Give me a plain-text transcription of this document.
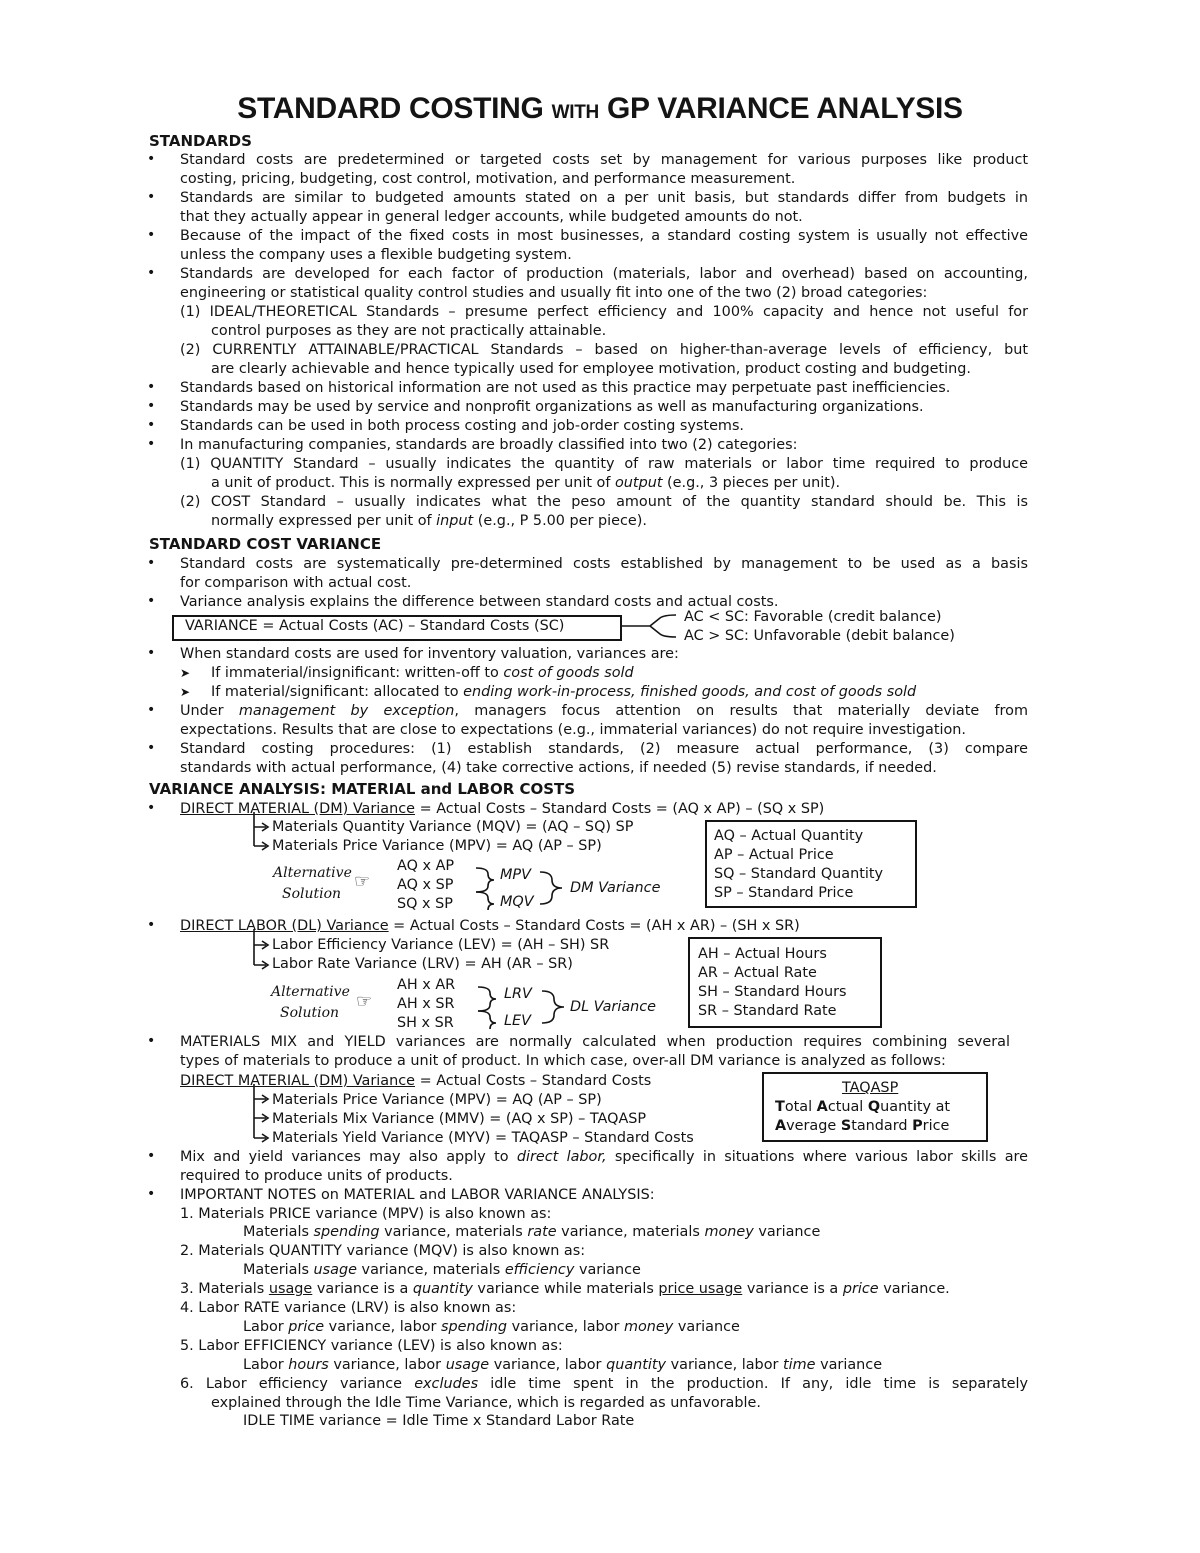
STANDARD COSTING WITH GP VARIANCE ANALYSIS
STANDARDS
• Standard costs are predetermined or targeted costs set by management for various purposes like product
costing, pricing, budgeting, cost control, motivation, and performance measurement.
• Standards are similar to budgeted amounts stated on a per unit basis, but standards differ from budgets in
that they actually appear in general ledger accounts, while budgeted amounts do not.
• Because of the impact of the fixed costs in most businesses, a standard costing system is usually not effective
unless the company uses a flexible budgeting system.
• Standards are developed for each factor of production (materials, labor and overhead) based on accounting,
engineering or statistical quality control studies and usually fit into one of the two (2) broad categories:
(1) IDEAL/THEORETICAL Standards – presume perfect efficiency and 100% capacity and hence not useful for
control purposes as they are not practically attainable.
(2) CURRENTLY ATTAINABLE/PRACTICAL Standards – based on higher-than-average levels of efficiency, but
are clearly achievable and hence typically used for employee motivation, product costing and budgeting.
• Standards based on historical information are not used as this practice may perpetuate past inefficiencies.
• Standards may be used by service and nonprofit organizations as well as manufacturing organizations.
• Standards can be used in both process costing and job-order costing systems.
• In manufacturing companies, standards are broadly classified into two (2) categories:
(1) QUANTITY Standard – usually indicates the quantity of raw materials or labor time required to produce
a unit of product. This is normally expressed per unit of output (e.g., 3 pieces per unit).
(2) COST Standard – usually indicates what the peso amount of the quantity standard should be. This is
normally expressed per unit of input (e.g., P 5.00 per piece).
STANDARD COST VARIANCE
• Standard costs are systematically pre-determined costs established by management to be used as a basis
for comparison with actual cost.
• Variance analysis explains the difference between standard costs and actual costs.
VARIANCE = Actual Costs (AC) – Standard Costs (SC)
AC < SC: Favorable (credit balance)
AC > SC: Unfavorable (debit balance)
• When standard costs are used for inventory valuation, variances are:
➤ If immaterial/insignificant: written-off to cost of goods sold
➤ If material/significant: allocated to ending work-in-process, finished goods, and cost of goods sold
• Under management by exception, managers focus attention on results that materially deviate from
expectations. Results that are close to expectations (e.g., immaterial variances) do not require investigation.
• Standard costing procedures: (1) establish standards, (2) measure actual performance, (3) compare
standards with actual performance, (4) take corrective actions, if needed (5) revise standards, if needed.
VARIANCE ANALYSIS: MATERIAL and LABOR COSTS
• DIRECT MATERIAL (DM) Variance = Actual Costs – Standard Costs = (AQ x AP) – (SQ x SP)
Materials Quantity Variance (MQV) = (AQ – SQ) SP
Materials Price Variance (MPV) = AQ (AP – SP)
Alternative
Solution
☞
AQ x AP
AQ x SP
SQ x SP
MPV
MQV
DM Variance
AQ – Actual Quantity
AP – Actual Price
SQ – Standard Quantity
SP – Standard Price
• DIRECT LABOR (DL) Variance = Actual Costs – Standard Costs = (AH x AR) – (SH x SR)
Labor Efficiency Variance (LEV) = (AH – SH) SR
Labor Rate Variance (LRV) = AH (AR – SR)
Alternative
Solution
☞
AH x AR
AH x SR
SH x SR
LRV
LEV
DL Variance
AH – Actual Hours
AR – Actual Rate
SH – Standard Hours
SR – Standard Rate
• MATERIALS MIX and YIELD variances are normally calculated when production requires combining several
types of materials to produce a unit of product. In which case, over-all DM variance is analyzed as follows:
DIRECT MATERIAL (DM) Variance = Actual Costs – Standard Costs
Materials Price Variance (MPV) = AQ (AP – SP)
Materials Mix Variance (MMV) = (AQ x SP) – TAQASP
Materials Yield Variance (MYV) = TAQASP – Standard Costs
TAQASP
Total Actual Quantity at
Average Standard Price
• Mix and yield variances may also apply to direct labor, specifically in situations where various labor skills are
required to produce units of products.
• IMPORTANT NOTES on MATERIAL and LABOR VARIANCE ANALYSIS:
1. Materials PRICE variance (MPV) is also known as:
Materials spending variance, materials rate variance, materials money variance
2. Materials QUANTITY variance (MQV) is also known as:
Materials usage variance, materials efficiency variance
3. Materials usage variance is a quantity variance while materials price usage variance is a price variance.
4. Labor RATE variance (LRV) is also known as:
Labor price variance, labor spending variance, labor money variance
5. Labor EFFICIENCY variance (LEV) is also known as:
Labor hours variance, labor usage variance, labor quantity variance, labor time variance
6. Labor efficiency variance excludes idle time spent in the production. If any, idle time is separately
explained through the Idle Time Variance, which is regarded as unfavorable.
IDLE TIME variance = Idle Time x Standard Labor Rate
